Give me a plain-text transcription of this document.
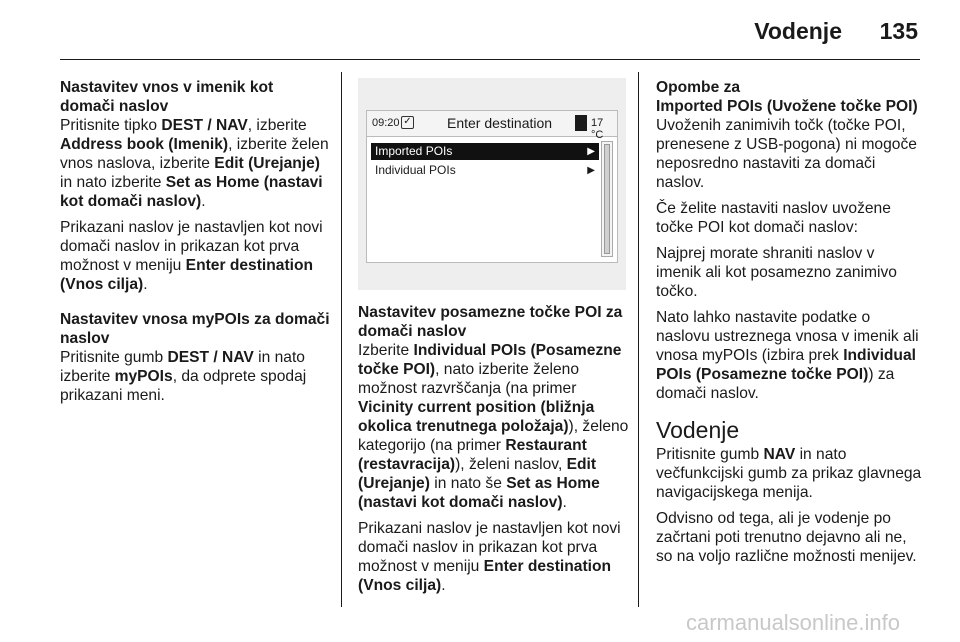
Vodenje 135
Nastavitev vnos v imenik kot domači naslov

Pritisnite tipko DEST / NAV, izberite Address book (Imenik), izberite želen vnos naslova, izberite Edit (Urejanje) in nato izberite Set as Home (nastavi kot domači naslov).

Prikazani naslov je nastavljen kot novi domači naslov in prikazan kot prva možnost v meniju Enter destination (Vnos cilja).

Nastavitev vnosa myPOIs za domači naslov

Pritisnite gumb DEST / NAV in nato izberite myPOIs, da odprete spodaj prikazani meni.

09:20 ✓	Enter destination	17 °C
Imported POIs	▶
Individual POIs	▶
Nastavitev posamezne točke POI za domači naslov

Izberite Individual POIs (Posamezne točke POI), nato izberite želeno možnost razvrščanja (na primer Vicinity current position (bližnja okolica trenutnega položaja)), želeno kategorijo (na primer Restaurant (restavracija)), želeni naslov, Edit (Urejanje) in nato še Set as Home (nastavi kot domači naslov).

Prikazani naslov je nastavljen kot novi domači naslov in prikazan kot prva možnost v meniju Enter destination (Vnos cilja).

Opombe za
Imported POIs (Uvožene točke POI)

Uvoženih zanimivih točk (točke POI, prenesene z USB-pogona) ni mogoče neposredno nastaviti za domači naslov.

Če želite nastaviti naslov uvožene točke POI kot domači naslov:

Najprej morate shraniti naslov v imenik ali kot posamezno zanimivo točko.

Nato lahko nastavite podatke o naslovu ustreznega vnosa v imenik ali vnosa myPOIs (izbira prek Individual POIs (Posamezne točke POI)) za domači naslov.

Vodenje

Pritisnite gumb NAV in nato večfunkcijski gumb za prikaz glavnega navigacijskega menija.

Odvisno od tega, ali je vodenje po začrtani poti trenutno dejavno ali ne, so na voljo različne možnosti menijev.

carmanualsonline.info
